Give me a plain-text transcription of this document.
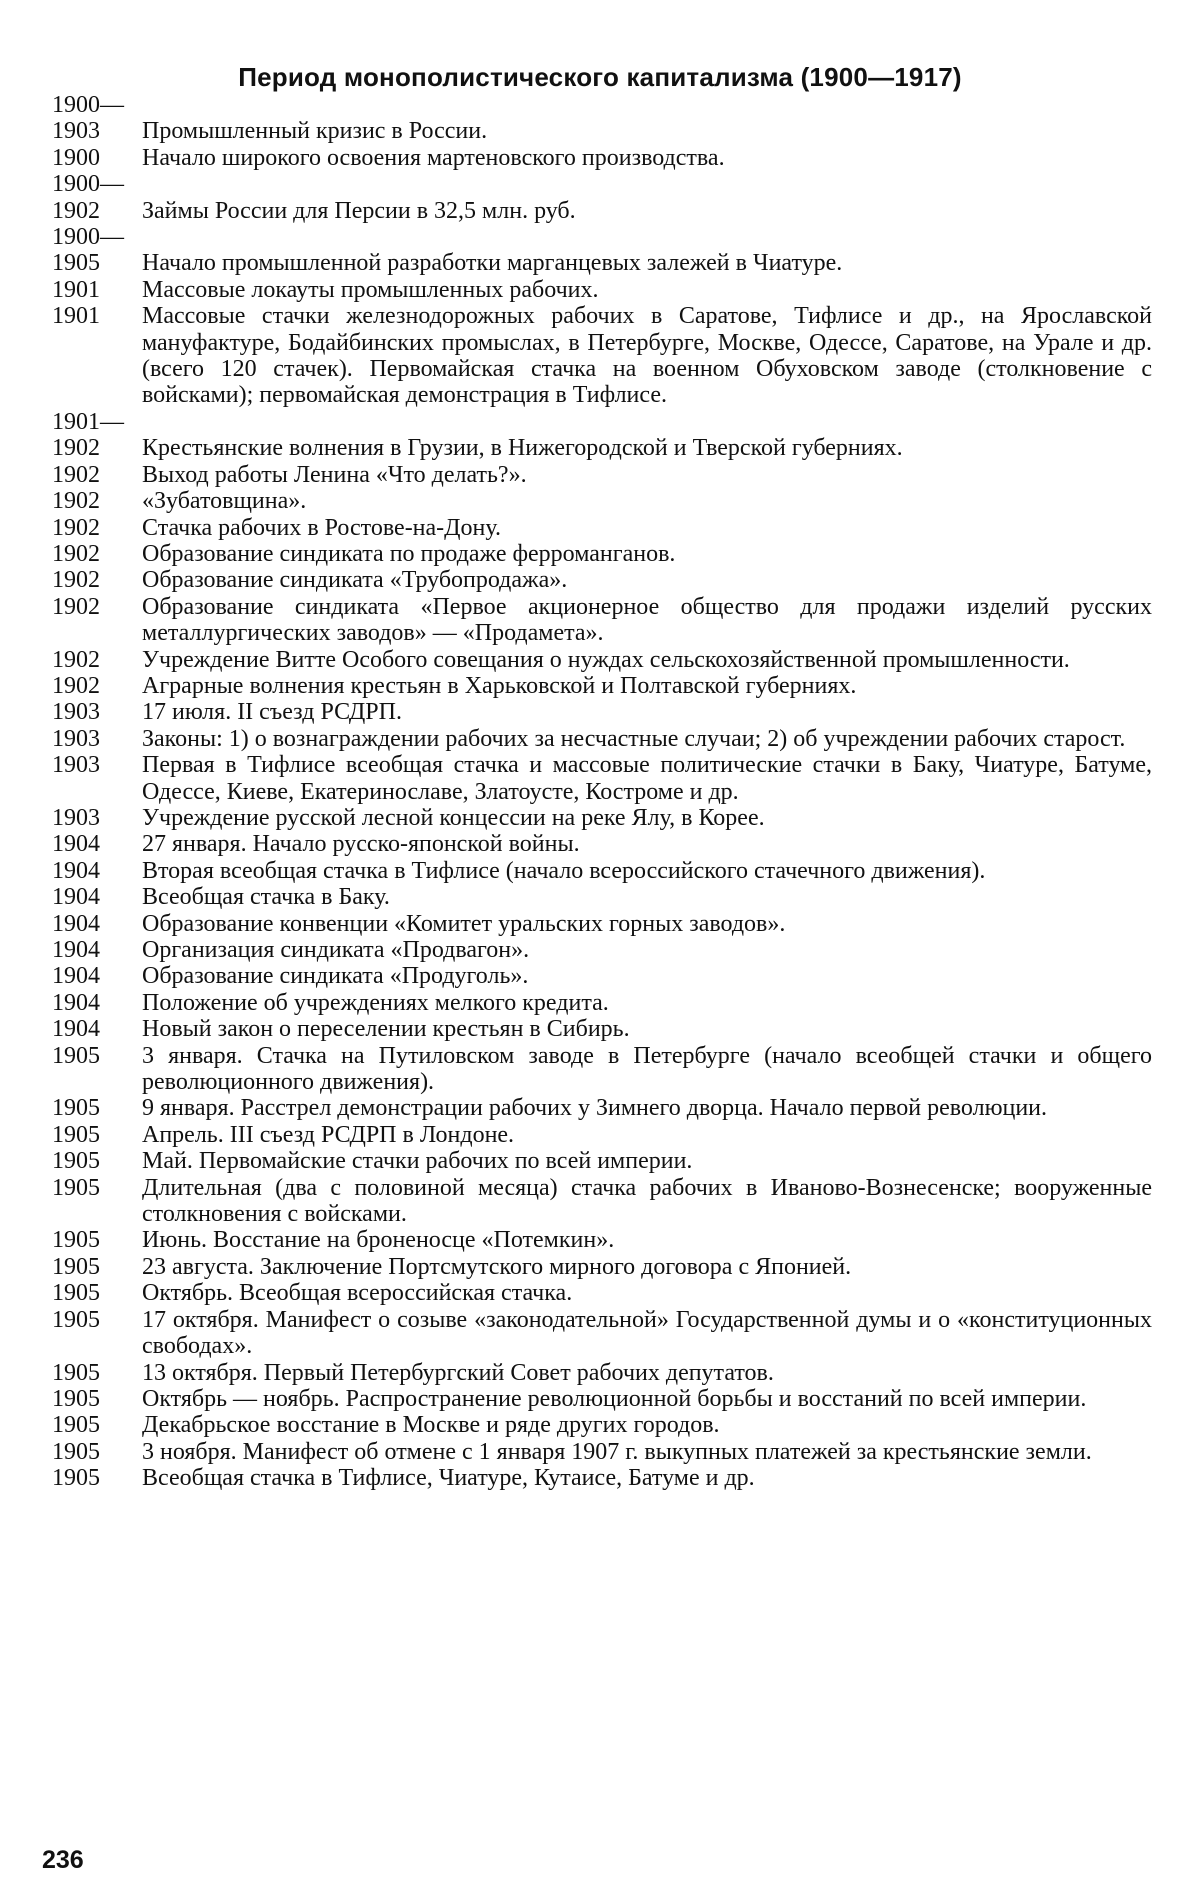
Период монополистического капитализма (1900—1917)
1900—
1903	Промышленный кризис в России.
1900	Начало широкого освоения мартеновского производства.
1900—
1902	Займы России для Персии в 32,5 млн. руб.
1900—
1905	Начало промышленной разработки марганцевых залежей в Чиатуре.
1901	Массовые локауты промышленных рабочих.
1901	Массовые стачки железнодорожных рабочих в Саратове, Тифлисе и др., на Ярославской мануфактуре, Бодайбинских промыслах, в Петербурге, Москве, Одессе, Саратове, на Урале и др. (всего 120 стачек). Первомайская стачка на военном Обуховском заводе (столкновение с войсками); первомайская демонстрация в Тифлисе.
1901—
1902	Крестьянские волнения в Грузии, в Нижегородской и Тверской губерниях.
1902	Выход работы Ленина «Что делать?».
1902	«Зубатовщина».
1902	Стачка рабочих в Ростове-на-Дону.
1902	Образование синдиката по продаже ферроманганов.
1902	Образование синдиката «Трубопродажа».
1902	Образование синдиката «Первое акционерное общество для продажи изделий русских металлургических заводов» — «Продамета».
1902	Учреждение Витте Особого совещания о нуждах сельскохозяйственной промышленности.
1902	Аграрные волнения крестьян в Харьковской и Полтавской губерниях.
1903	17 июля. II съезд РСДРП.
1903	Законы: 1) о вознаграждении рабочих за несчастные случаи; 2) об учреждении рабочих старост.
1903	Первая в Тифлисе всеобщая стачка и массовые политические стачки в Баку, Чиатуре, Батуме, Одессе, Киеве, Екатеринославе, Златоусте, Костроме и др.
1903	Учреждение русской лесной концессии на реке Ялу, в Корее.
1904	27 января. Начало русско-японской войны.
1904	Вторая всеобщая стачка в Тифлисе (начало всероссийского стачечного движения).
1904	Всеобщая стачка в Баку.
1904	Образование конвенции «Комитет уральских горных заводов».
1904	Организация синдиката «Продвагон».
1904	Образование синдиката «Продуголь».
1904	Положение об учреждениях мелкого кредита.
1904	Новый закон о переселении крестьян в Сибирь.
1905	3 января. Стачка на Путиловском заводе в Петербурге (начало всеобщей стачки и общего революционного движения).
1905	9 января. Расстрел демонстрации рабочих у Зимнего дворца. Начало первой революции.
1905	Апрель. III съезд РСДРП в Лондоне.
1905	Май. Первомайские стачки рабочих по всей империи.
1905	Длительная (два с половиной месяца) стачка рабочих в Иваново-Вознесенске; вооруженные столкновения с войсками.
1905	Июнь. Восстание на броненосце «Потемкин».
1905	23 августа. Заключение Портсмутского мирного договора с Японией.
1905	Октябрь. Всеобщая всероссийская стачка.
1905	17 октября. Манифест о созыве «законодательной» Государственной думы и о «конституционных свободах».
1905	13 октября. Первый Петербургский Совет рабочих депутатов.
1905	Октябрь — ноябрь. Распространение революционной борьбы и восстаний по всей империи.
1905	Декабрьское восстание в Москве и ряде других городов.
1905	3 ноября. Манифест об отмене с 1 января 1907 г. выкупных платежей за крестьянские земли.
1905	Всеобщая стачка в Тифлисе, Чиатуре, Кутаисе, Батуме и др.
236
